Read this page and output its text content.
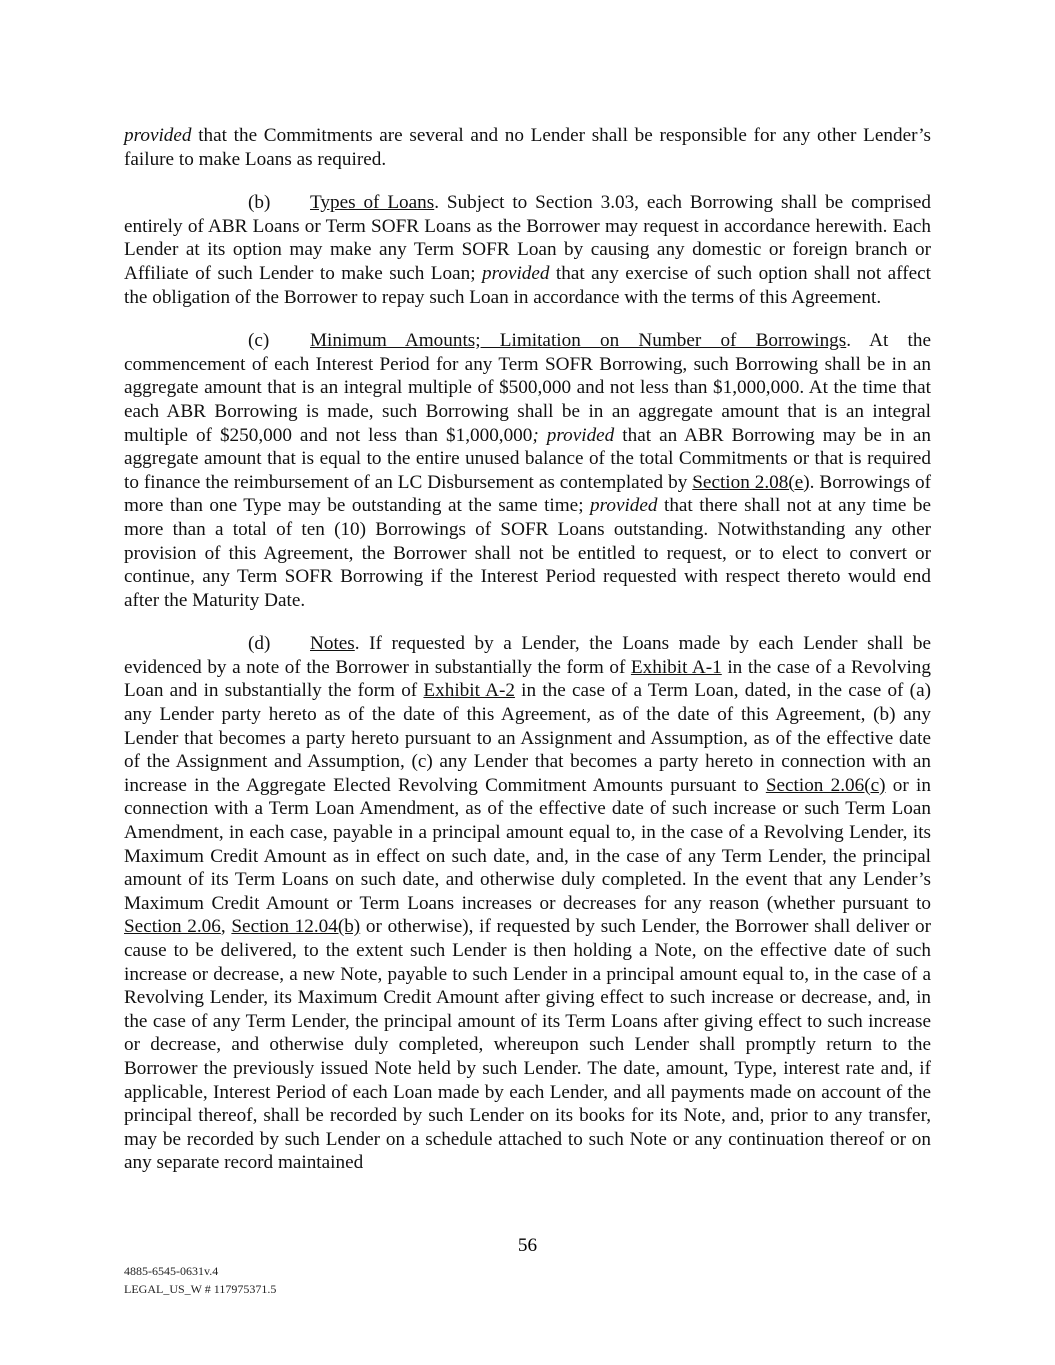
provided that the Commitments are several and no Lender shall be responsible for any other Lender’s failure to make Loans as required.

(b) Types of Loans. Subject to Section 3.03, each Borrowing shall be comprised entirely of ABR Loans or Term SOFR Loans as the Borrower may request in accordance herewith. Each Lender at its option may make any Term SOFR Loan by causing any domestic or foreign branch or Affiliate of such Lender to make such Loan; provided that any exercise of such option shall not affect the obligation of the Borrower to repay such Loan in accordance with the terms of this Agreement.

(c) Minimum Amounts; Limitation on Number of Borrowings. At the commencement of each Interest Period for any Term SOFR Borrowing, such Borrowing shall be in an aggregate amount that is an integral multiple of $500,000 and not less than $1,000,000. At the time that each ABR Borrowing is made, such Borrowing shall be in an aggregate amount that is an integral multiple of $250,000 and not less than $1,000,000; provided that an ABR Borrowing may be in an aggregate amount that is equal to the entire unused balance of the total Commitments or that is required to finance the reimbursement of an LC Disbursement as contemplated by Section 2.08(e). Borrowings of more than one Type may be outstanding at the same time; provided that there shall not at any time be more than a total of ten (10) Borrowings of SOFR Loans outstanding. Notwithstanding any other provision of this Agreement, the Borrower shall not be entitled to request, or to elect to convert or continue, any Term SOFR Borrowing if the Interest Period requested with respect thereto would end after the Maturity Date.

(d) Notes. If requested by a Lender, the Loans made by each Lender shall be evidenced by a note of the Borrower in substantially the form of Exhibit A-1 in the case of a Revolving Loan and in substantially the form of Exhibit A-2 in the case of a Term Loan, dated, in the case of (a) any Lender party hereto as of the date of this Agreement, as of the date of this Agreement, (b) any Lender that becomes a party hereto pursuant to an Assignment and Assumption, as of the effective date of the Assignment and Assumption, (c) any Lender that becomes a party hereto in connection with an increase in the Aggregate Elected Revolving Commitment Amounts pursuant to Section 2.06(c) or in connection with a Term Loan Amendment, as of the effective date of such increase or such Term Loan Amendment, in each case, payable in a principal amount equal to, in the case of a Revolving Lender, its Maximum Credit Amount as in effect on such date, and, in the case of any Term Lender, the principal amount of its Term Loans on such date, and otherwise duly completed. In the event that any Lender’s Maximum Credit Amount or Term Loans increases or decreases for any reason (whether pursuant to Section 2.06, Section 12.04(b) or otherwise), if requested by such Lender, the Borrower shall deliver or cause to be delivered, to the extent such Lender is then holding a Note, on the effective date of such increase or decrease, a new Note, payable to such Lender in a principal amount equal to, in the case of a Revolving Lender, its Maximum Credit Amount after giving effect to such increase or decrease, and, in the case of any Term Lender, the principal amount of its Term Loans after giving effect to such increase or decrease, and otherwise duly completed, whereupon such Lender shall promptly return to the Borrower the previously issued Note held by such Lender. The date, amount, Type, interest rate and, if applicable, Interest Period of each Loan made by each Lender, and all payments made on account of the principal thereof, shall be recorded by such Lender on its books for its Note, and, prior to any transfer, may be recorded by such Lender on a schedule attached to such Note or any continuation thereof or on any separate record maintained

56
4885-6545-0631v.4
LEGAL_US_W # 117975371.5
